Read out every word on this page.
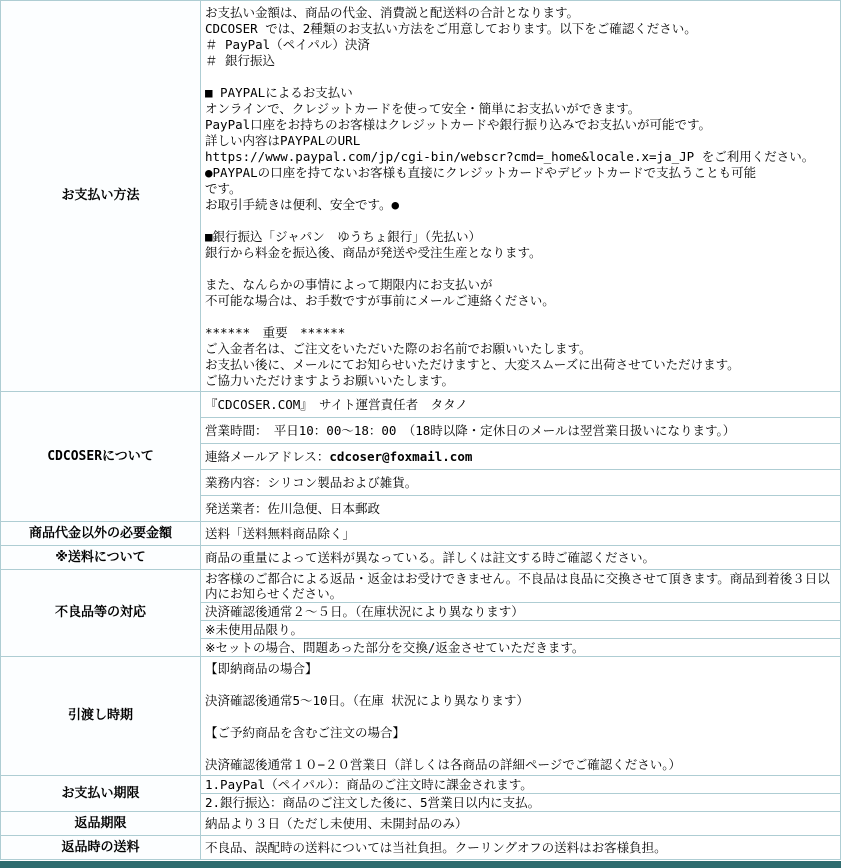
お支払い方法	
お支払い金額は、商品の代金、消費説と配送料の合計となります。
CDCOSER では、2種類のお支払い方法をご用意しております。以下をご確認ください。
＃ PayPal（ペイパル）決済
＃ 銀行振込
■ PAYPALによるお支払い
オンラインで、クレジットカードを使って安全・簡単にお支払いができます。
PayPal口座をお持ちのお客様はクレジットカードや銀行振り込みでお支払いが可能です。
詳しい内容はPAYPALのURL
https://www.paypal.com/jp/cgi-bin/webscr?cmd=_home&locale.x=ja_JP をご利用ください。
●PAYPALの口座を持てないお客様も直接にクレジットカードやデビットカードで支払うことも可能
です。
お取引手続きは便利、安全です。●
■銀行振込「ジャパン　ゆうちょ銀行」（先払い）
銀行から料金を振込後、商品が発送や受注生産となります。
また、なんらかの事情によって期限内にお支払いが
不可能な場合は、お手数ですが事前にメールご連絡ください。
******　重要　******
ご入金者名は、ご注文をいただいた際のお名前でお願いいたします。
お支払い後に、メールにてお知らせいただけますと、大変スムーズに出荷させていただけます。
ご協力いただけますようお願いいたします。

CDCOSERについて	『CDCOSER.COM』　サイト運営責任者　タタノ
営業時間：　平日10：00〜18：00　（18時以降・定休日のメールは翌営業日扱いになります。）
連絡メールアドレス：cdcoser@foxmail.com
業務内容：シリコン製品および雑貨。
発送業者：佐川急便、日本郵政

商品代金以外の必要金額	送料「送料無料商品除く」
※送料について	商品の重量によって送料が異なっている。詳しくは註文する時ご確認ください。
不良品等の対応	お客様のご都合による返品・返金はお受けできません。不良品は良品に交換させて頂きます。商品到着後３日以内にお知らせください。
決済確認後通常２〜５日。（在庫状況により異なります）
※未使用品限り。
※セットの場合、問題あった部分を交換/返金させていただきます。

引渡し時期	【即納商品の場合】
決済確認後通常5〜10日。（在庫 状況により異なります）
【ご予約商品を含むご注文の場合】
決済確認後通常１０−２０営業日（詳しくは各商品の詳細ページでご確認ください。）

お支払い期限	1.PayPal（ペイパル）：商品のご注文時に課金されます。
2.銀行振込：商品のご注文した後に、5営業日以内に支払。

返品期限	納品より３日（ただし未使用、未開封品のみ）
返品時の送料	不良品、誤配時の送料については当社負担。クーリングオフの送料はお客様負担。
